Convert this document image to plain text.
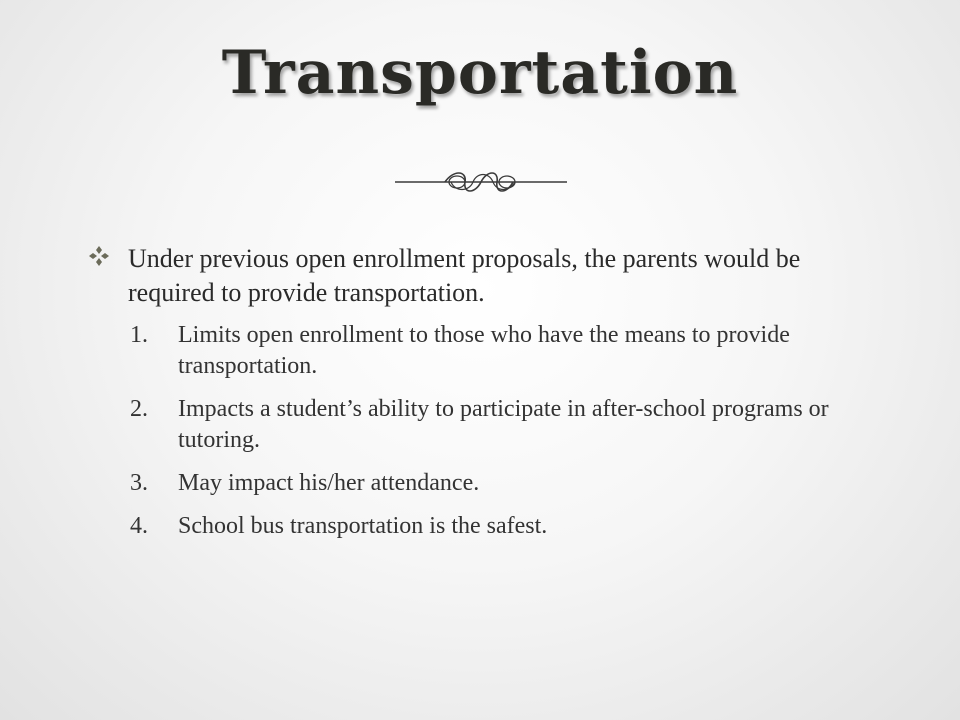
Transportation
Under previous open enrollment proposals, the parents would be required to provide transportation.
1. Limits open enrollment to those who have the means to provide transportation.
2. Impacts a student’s ability to participate in after-school programs or tutoring.
3. May impact his/her attendance.
4. School bus transportation is the safest.
